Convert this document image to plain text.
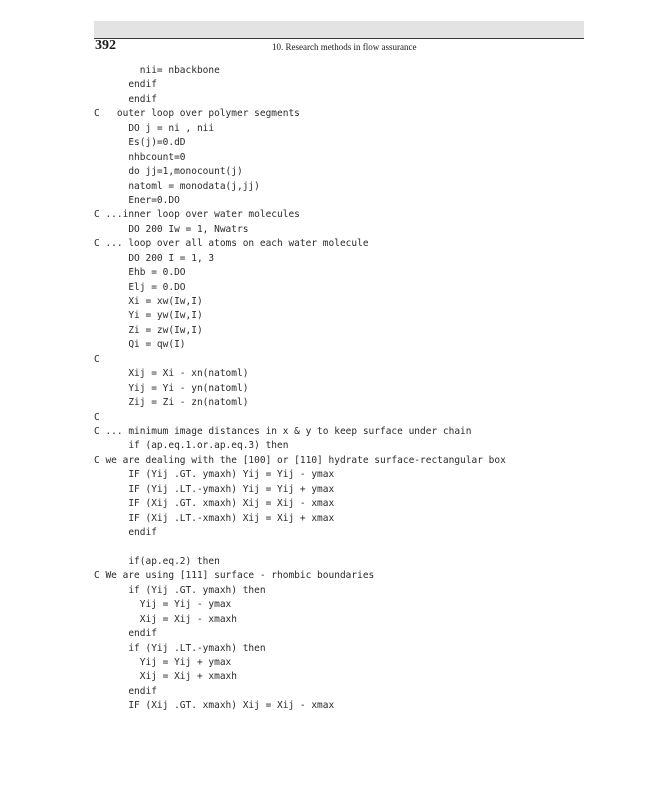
392	10. Research methods in flow assurance
nii= nbackbone
endif
endif
C   outer loop over polymer segments
DO j = ni , nii
Es(j)=0.dD
nhbcount=0
do jj=1,monocount(j)
natoml = monodata(j,jj)
Ener=0.DO
C ...inner loop over water molecules
DO 200 Iw = 1, Nwatrs
C ... loop over all atoms on each water molecule
DO 200 I = 1, 3
Ehb = 0.DO
Elj = 0.DO
Xi = xw(Iw,I)
Yi = yw(Iw,I)
Zi = zw(Iw,I)
Qi = qw(I)
C
Xij = Xi - xn(natoml)
Yij = Yi - yn(natoml)
Zij = Zi - zn(natoml)
C
C ... minimum image distances in x & y to keep surface under chain
if (ap.eq.1.or.ap.eq.3) then
C we are dealing with the [100] or [110] hydrate surface-rectangular box
IF (Yij .GT. ymaxh) Yij = Yij - ymax
IF (Yij .LT.-ymaxh) Yij = Yij + ymax
IF (Xij .GT. xmaxh) Xij = Xij - xmax
IF (Xij .LT.-xmaxh) Xij = Xij + xmax
endif
if(ap.eq.2) then
C We are using [111] surface - rhombic boundaries
if (Yij .GT. ymaxh) then
Yij = Yij - ymax
Xij = Xij - xmaxh
endif
if (Yij .LT.-ymaxh) then
Yij = Yij + ymax
Xij = Xij + xmaxh
endif
IF (Xij .GT. xmaxh) Xij = Xij - xmax
